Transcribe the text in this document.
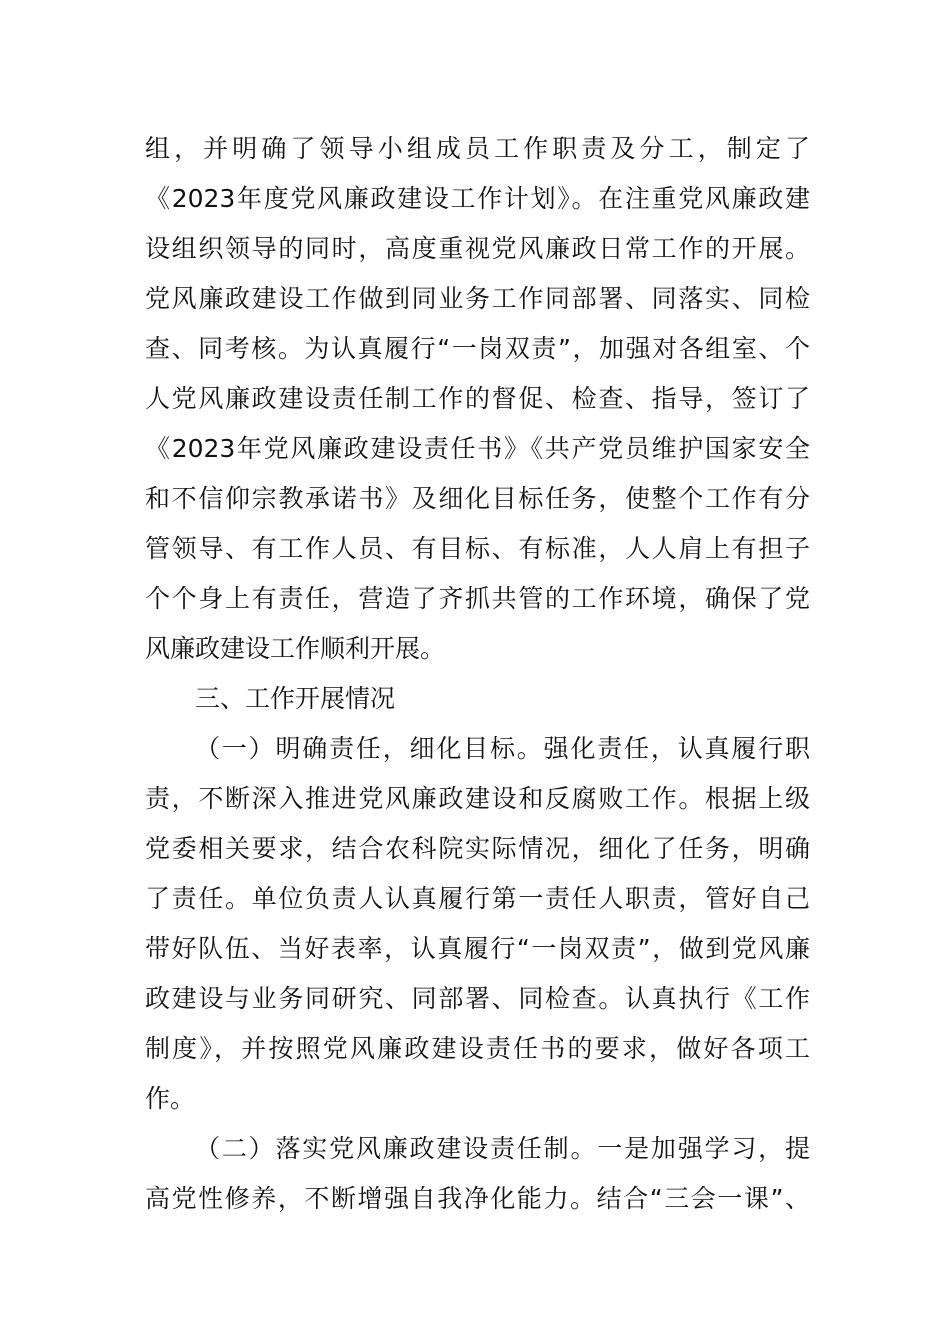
组，并明确了领导小组成员工作职责及分工，制定了
《2023年度党风廉政建设工作计划》。在注重党风廉政建
设组织领导的同时，高度重视党风廉政日常工作的开展。
党风廉政建设工作做到同业务工作同部署、同落实、同检
查、同考核。为认真履行“一岗双责”，加强对各组室、个
人党风廉政建设责任制工作的督促、检查、指导，签订了
《2023年党风廉政建设责任书》《共产党员维护国家安全
和不信仰宗教承诺书》及细化目标任务，使整个工作有分
管领导、有工作人员、有目标、有标准，人人肩上有担子
个个身上有责任，营造了齐抓共管的工作环境，确保了党
风廉政建设工作顺利开展。
三、工作开展情况
（一）明确责任，细化目标。强化责任，认真履行职
责，不断深入推进党风廉政建设和反腐败工作。根据上级
党委相关要求，结合农科院实际情况，细化了任务，明确
了责任。单位负责人认真履行第一责任人职责，管好自己
带好队伍、当好表率，认真履行“一岗双责”，做到党风廉
政建设与业务同研究、同部署、同检查。认真执行《工作
制度》，并按照党风廉政建设责任书的要求，做好各项工
作。
（二）落实党风廉政建设责任制。一是加强学习，提
高党性修养，不断增强自我净化能力。结合“三会一课”、
